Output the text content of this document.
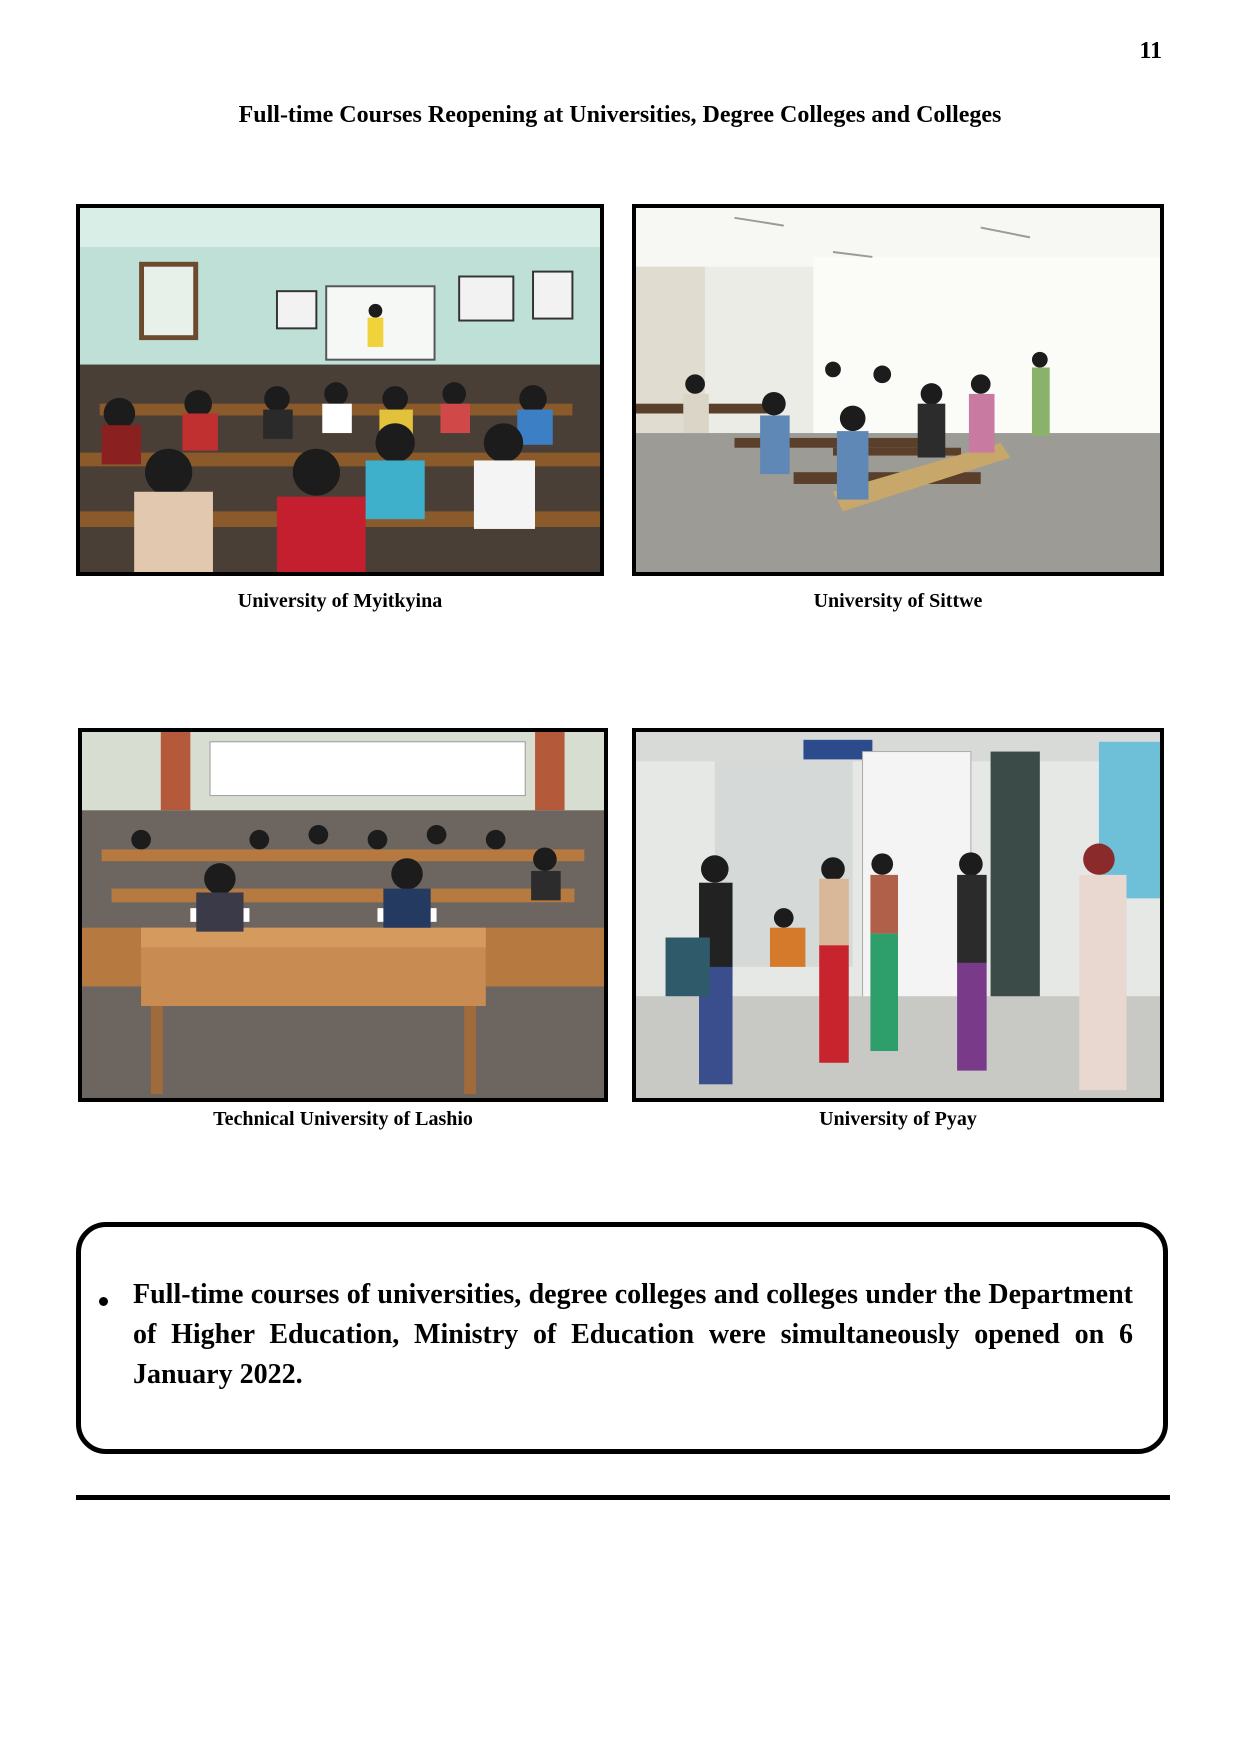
11
Full-time Courses Reopening at Universities, Degree Colleges and Colleges
University of Myitkyina	University of Sittwe
Technical University of Lashio	University of Pyay
Full-time courses of universities, degree colleges and colleges under the Department of Higher Education, Ministry of Education were simultaneously opened on 6 January 2022.
